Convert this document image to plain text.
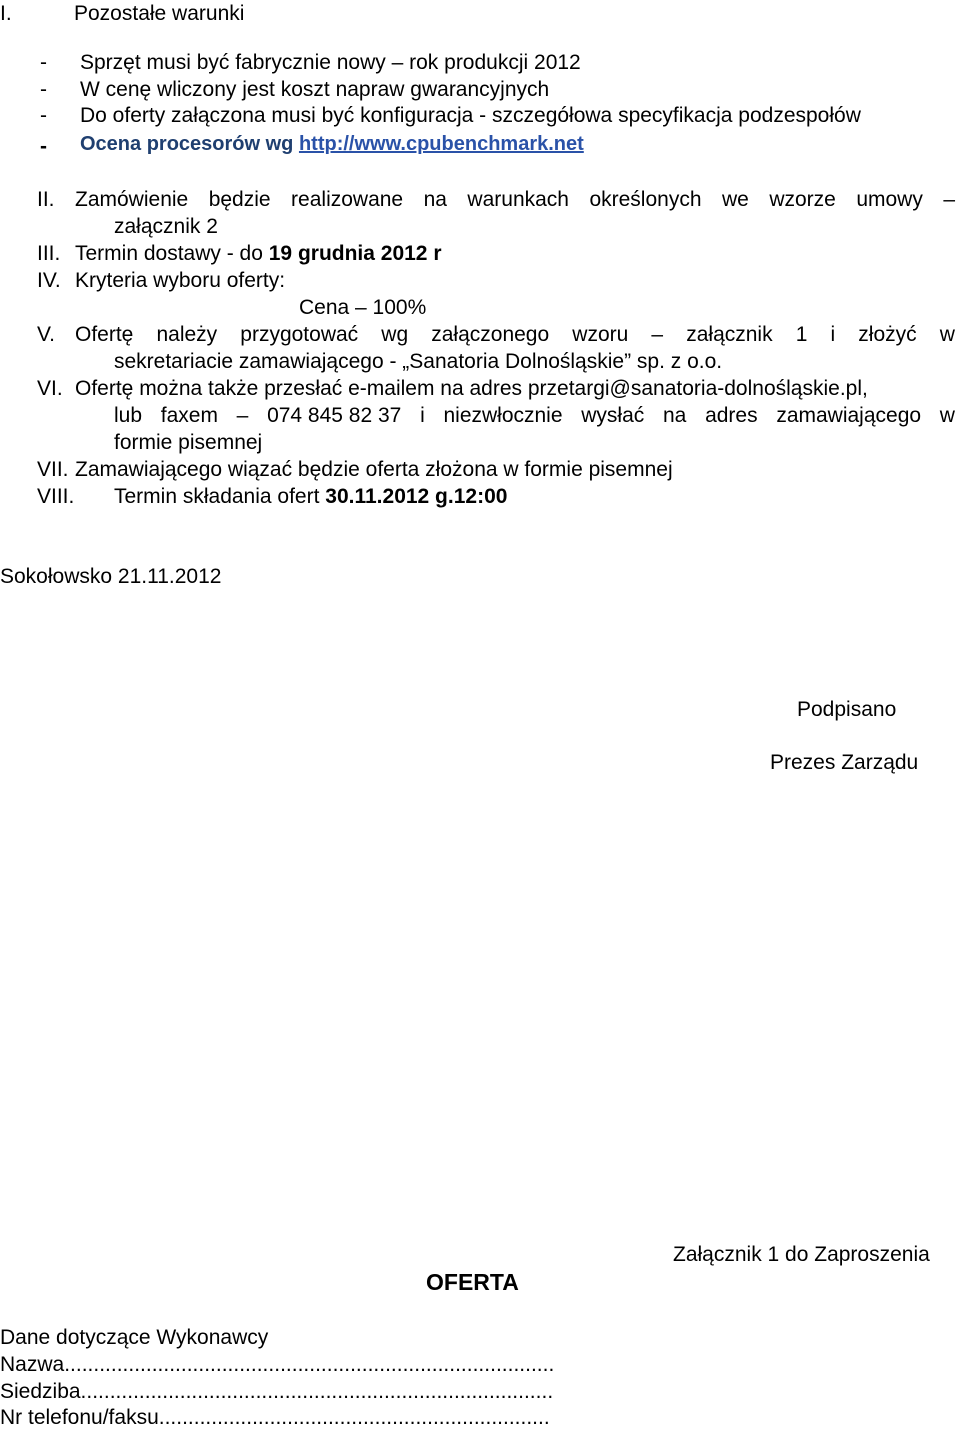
I.	Pozostałe warunki
- Sprzęt musi być fabrycznie nowy – rok produkcji 2012
- W cenę wliczony jest koszt napraw gwarancyjnych
- Do oferty załączona musi być konfiguracja - szczegółowa specyfikacja podzespołów
- Ocena procesorów wg http://www.cpubenchmark.net
II. Zamówienie będzie realizowane na warunkach określonych we wzorze umowy –
załącznik 2
III. Termin dostawy - do 19 grudnia 2012 r
IV. Kryteria wyboru oferty:
Cena – 100%
V. Ofertę należy przygotować wg załączonego wzoru – załącznik 1 i złożyć w
sekretariacie zamawiającego - „Sanatoria Dolnośląskie” sp. z o.o.
VI. Ofertę można także przesłać e-mailem na adres przetargi@sanatoria-dolnośląskie.pl,
lub faxem – 074 845 82 37 i niezwłocznie wysłać na adres zamawiającego w
formie pisemnej
VII. Zamawiającego wiązać będzie oferta złożona w formie pisemnej
VIII. Termin składania ofert 30.11.2012 g.12:00
Sokołowsko 21.11.2012
Podpisano
Prezes Zarządu
Załącznik 1 do Zaproszenia
OFERTA
Dane dotyczące Wykonawcy
Nazwa....................................................................................
Siedziba.................................................................................
Nr telefonu/faksu...................................................................
